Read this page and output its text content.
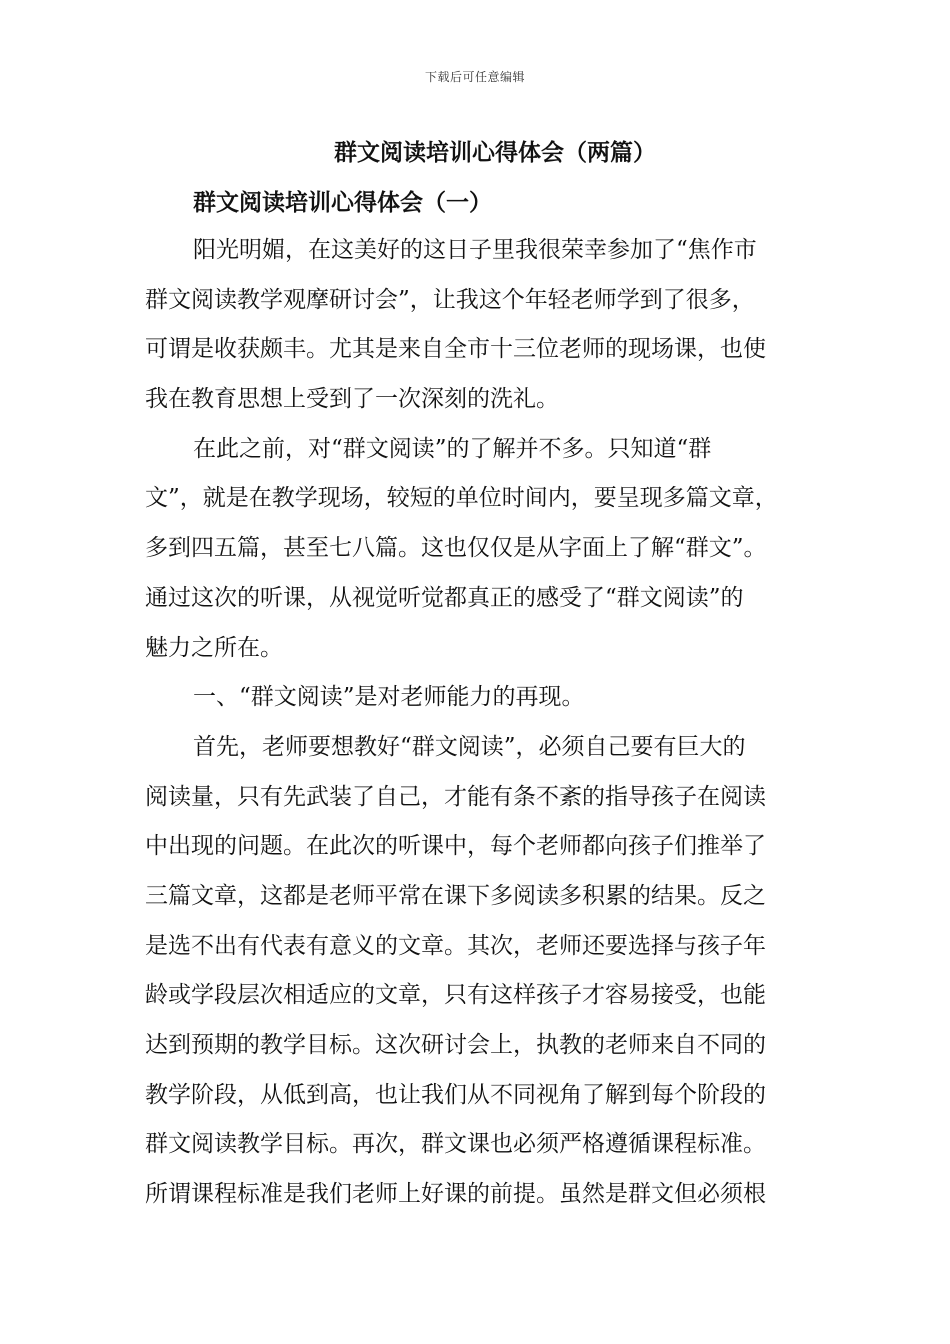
下载后可任意编辑
群文阅读培训心得体会（两篇）
群文阅读培训心得体会（一）
阳光明媚，在这美好的这日子里我很荣幸参加了“焦作市
群文阅读教学观摩研讨会”，让我这个年轻老师学到了很多，
可谓是收获颇丰。尤其是来自全市十三位老师的现场课，也使
我在教育思想上受到了一次深刻的洗礼。
在此之前，对“群文阅读”的了解并不多。只知道“群
文”，就是在教学现场，较短的单位时间内，要呈现多篇文章，
多到四五篇，甚至七八篇。这也仅仅是从字面上了解“群文”。
通过这次的听课，从视觉听觉都真正的感受了“群文阅读”的
魅力之所在。
一、“群文阅读”是对老师能力的再现。
首先，老师要想教好“群文阅读”，必须自己要有巨大的
阅读量，只有先武装了自己，才能有条不紊的指导孩子在阅读
中出现的问题。在此次的听课中，每个老师都向孩子们推举了
三篇文章，这都是老师平常在课下多阅读多积累的结果。反之
是选不出有代表有意义的文章。其次，老师还要选择与孩子年
龄或学段层次相适应的文章，只有这样孩子才容易接受，也能
达到预期的教学目标。这次研讨会上，执教的老师来自不同的
教学阶段，从低到高，也让我们从不同视角了解到每个阶段的
群文阅读教学目标。再次，群文课也必须严格遵循课程标准。
所谓课程标准是我们老师上好课的前提。虽然是群文但必须根
